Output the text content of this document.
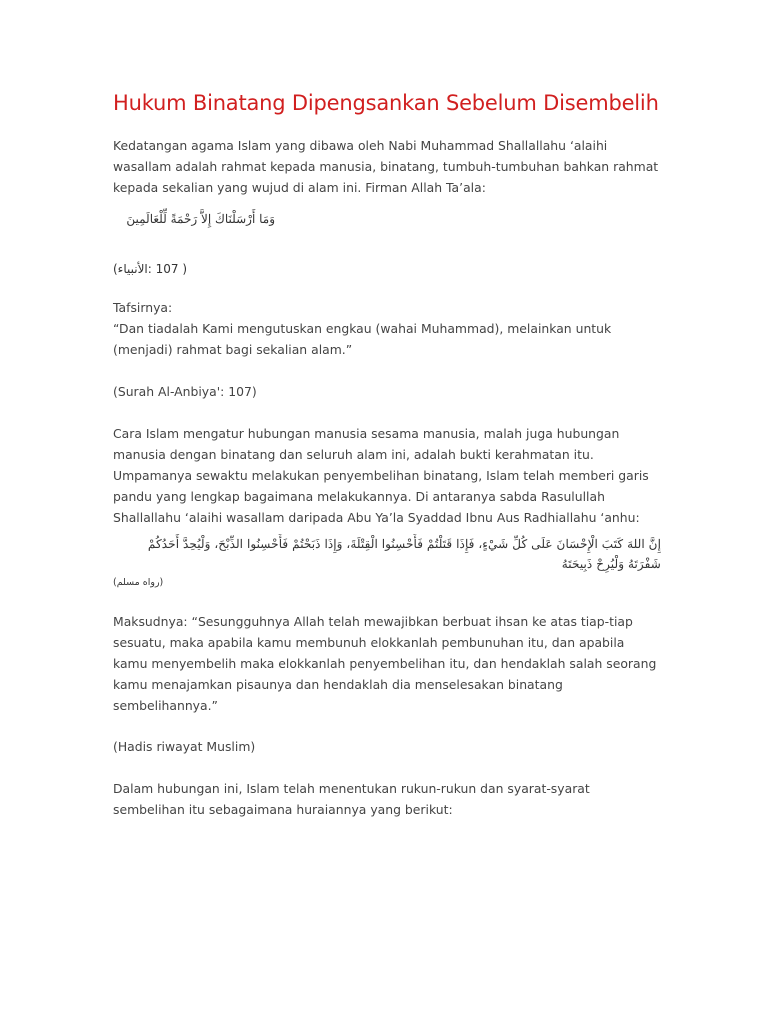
Hukum Binatang Dipengsankan Sebelum Disembelih

Kedatangan agama Islam yang dibawa oleh Nabi Muhammad Shallallahu ‘alaihi wasallam adalah rahmat kepada manusia, binatang, tumbuh-tumbuhan bahkan rahmat kepada sekalian yang wujud di alam ini. Firman Allah Ta’ala:

وَمَا أَرْسَلْنَاكَ إِلاَّ رَحْمَةً لِّلْعَالَمِينَ

( 107 :الأنبياء)

Tafsirnya:

“Dan tiadalah Kami mengutuskan engkau (wahai Muhammad), melainkan untuk (menjadi) rahmat bagi sekalian alam.”

(Surah Al-Anbiya': 107)

Cara Islam mengatur hubungan manusia sesama manusia, malah juga hubungan manusia dengan binatang dan seluruh alam ini, adalah bukti kerahmatan itu. Umpamanya sewaktu melakukan penyembelihan binatang, Islam telah memberi garis pandu yang lengkap bagaimana melakukannya. Di antaranya sabda Rasulullah Shallallahu ‘alaihi wasallam daripada Abu Ya’la Syaddad Ibnu Aus Radhiallahu ‘anhu:

إِنَّ اللهَ كَتَبَ الْإِحْسَانَ عَلَى كُلِّ شَيْءٍ، فَإِذَا قَتَلْتُمْ فَأَحْسِنُوا الْقِتْلَةَ، وَإِذَا ذَبَحْتُمْ فَأَحْسِنُوا الذِّبْحَ، وَلْيُحِدَّ أَحَدُكُمْ شَفْرَتَهُ وَلْيُرِحْ ذَبِيحَتَهُ

(رواه مسلم)

Maksudnya: “Sesungguhnya Allah telah mewajibkan berbuat ihsan ke atas tiap-tiap sesuatu, maka apabila kamu membunuh elokkanlah pembunuhan itu, dan apabila kamu menyembelih maka elokkanlah penyembelihan itu, dan hendaklah salah seorang kamu menajamkan pisaunya dan hendaklah dia menselesakan binatang sembelihannya.”

(Hadis riwayat Muslim)

Dalam hubungan ini, Islam telah menentukan rukun-rukun dan syarat-syarat sembelihan itu sebagaimana huraiannya yang berikut:
